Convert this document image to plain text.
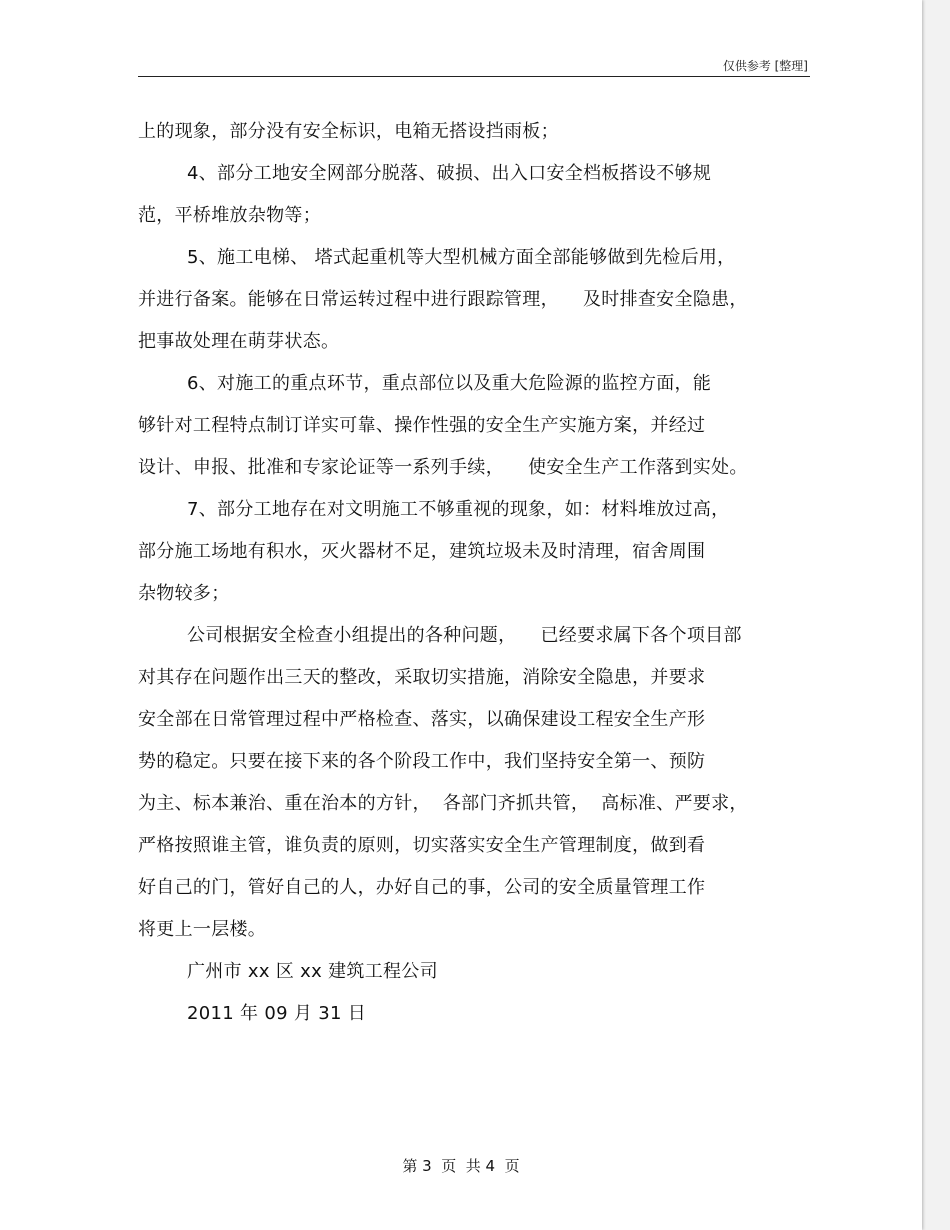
仅供参考 [整理]
上的现象，部分没有安全标识，电箱无搭设挡雨板；
4、部分工地安全网部分脱落、破损、出入口安全档板搭设不够规
范，平桥堆放杂物等；
5、施工电梯、 塔式起重机等大型机械方面全部能够做到先检后用，
并进行备案。能够在日常运转过程中进行跟踪管理，    及时排查安全隐患，
把事故处理在萌芽状态。
6、对施工的重点环节，重点部位以及重大危险源的监控方面，能
够针对工程特点制订详实可靠、操作性强的安全生产实施方案，并经过
设计、申报、批准和专家论证等一系列手续，    使安全生产工作落到实处。
7、部分工地存在对文明施工不够重视的现象，如：材料堆放过高，
部分施工场地有积水，灭火器材不足，建筑垃圾未及时清理，宿舍周围
杂物较多；
公司根据安全检查小组提出的各种问题，    已经要求属下各个项目部
对其存在问题作出三天的整改，采取切实措施，消除安全隐患，并要求
安全部在日常管理过程中严格检查、落实，以确保建设工程安全生产形
势的稳定。只要在接下来的各个阶段工作中，我们坚持安全第一、预防
为主、标本兼治、重在治本的方针，  各部门齐抓共管，  高标准、严要求，
严格按照谁主管，谁负责的原则，切实落实安全生产管理制度，做到看
好自己的门，管好自己的人，办好自己的事，公司的安全质量管理工作
将更上一层楼。
广州市 xx 区 xx 建筑工程公司
2011 年 09 月 31 日
第 3  页  共 4  页
